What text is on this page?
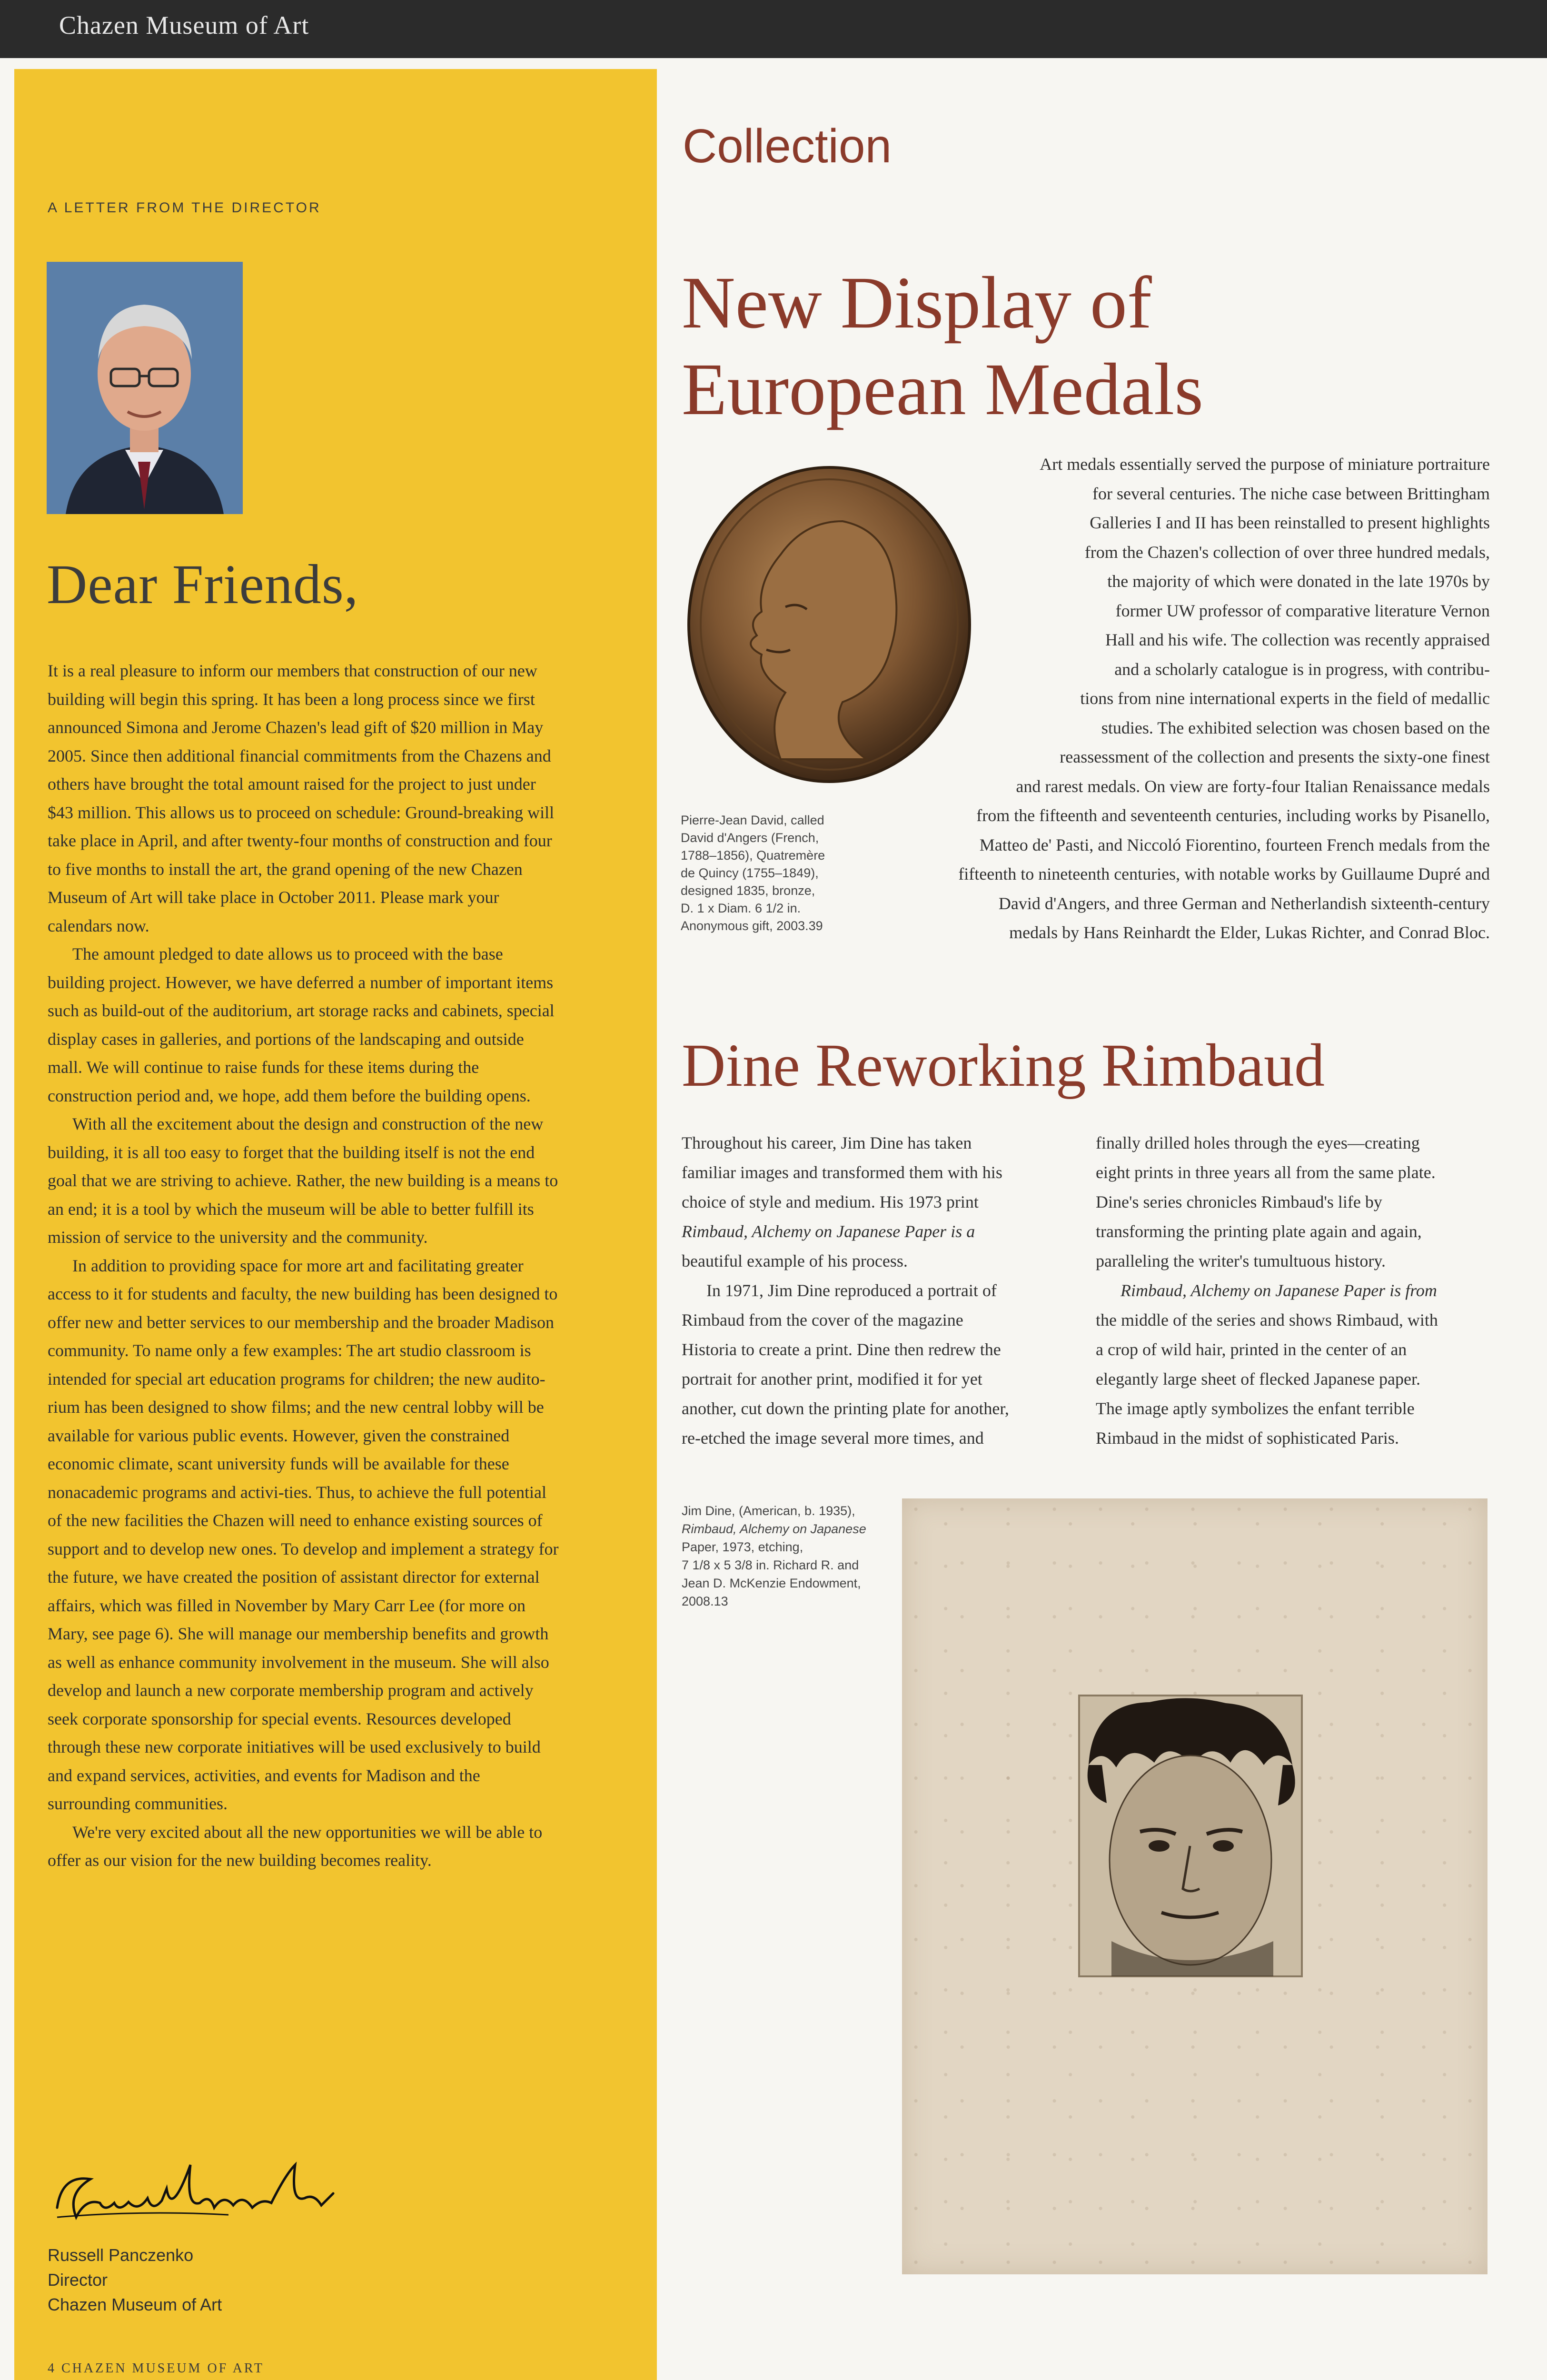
Chazen Museum of Art
A LETTER FROM THE DIRECTOR
Dear Friends,

It is a real pleasure to inform our members that construction of our new building will begin this spring. It has been a long process since we first announced Simona and Jerome Chazen's lead gift of $20 million in May 2005. Since then additional financial commitments from the Chazens and others have brought the total amount raised for the project to just under $43 million. This allows us to proceed on schedule: Ground-breaking will take place in April, and after twenty-four months of construction and four to five months to install the art, the grand opening of the new Chazen Museum of Art will take place in October 2011. Please mark your calendars now.

The amount pledged to date allows us to proceed with the base building project. However, we have deferred a number of important items such as build-out of the auditorium, art storage racks and cabinets, special display cases in galleries, and portions of the landscaping and outside mall. We will continue to raise funds for these items during the construction period and, we hope, add them before the building opens.

With all the excitement about the design and construction of the new building, it is all too easy to forget that the building itself is not the end goal that we are striving to achieve. Rather, the new building is a means to an end; it is a tool by which the museum will be able to better fulfill its mission of service to the university and the community.

In addition to providing space for more art and facilitating greater access to it for students and faculty, the new building has been designed to offer new and better services to our membership and the broader Madison community. To name only a few examples: The art studio classroom is intended for special art education programs for children; the new audito-rium has been designed to show films; and the new central lobby will be available for various public events. However, given the constrained economic climate, scant university funds will be available for these nonacademic programs and activi-ties. Thus, to achieve the full potential of the new facilities the Chazen will need to enhance existing sources of support and to develop new ones. To develop and implement a strategy for the future, we have created the position of assistant director for external affairs, which was filled in November by Mary Carr Lee (for more on Mary, see page 6). She will manage our membership benefits and growth as well as enhance community involvement in the museum. She will also develop and launch a new corporate membership program and actively seek corporate sponsorship for special events. Resources developed through these new corporate initiatives will be used exclusively to build and expand services, activities, and events for Madison and the surrounding communities.

We're very excited about all the new opportunities we will be able to offer as our vision for the new building becomes reality.

Russell Panczenko
Director
Chazen Museum of Art
4 CHAZEN MUSEUM OF ART
Collection
New Display of
European Medals
Pierre-Jean David, called
David d'Angers (French,
1788–1856), Quatremère
de Quincy (1755–1849),
designed 1835, bronze,
D. 1 x Diam. 6 1/2 in.
Anonymous gift, 2003.39
Art medals essentially served the purpose of miniature portraiture
for several centuries. The niche case between Brittingham
Galleries I and II has been reinstalled to present highlights
from the Chazen's collection of over three hundred medals,
the majority of which were donated in the late 1970s by
former UW professor of comparative literature Vernon
Hall and his wife. The collection was recently appraised
and a scholarly catalogue is in progress, with contribu-
tions from nine international experts in the field of medallic
studies. The exhibited selection was chosen based on the
reassessment of the collection and presents the sixty-one finest
and rarest medals. On view are forty-four Italian Renaissance medals
from the fifteenth and seventeenth centuries, including works by Pisanello,
Matteo de' Pasti, and Niccoló Fiorentino, fourteen French medals from the
fifteenth to nineteenth centuries, with notable works by Guillaume Dupré and
David d'Angers, and three German and Netherlandish sixteenth-century
medals by Hans Reinhardt the Elder, Lukas Richter, and Conrad Bloc.
Dine Reworking Rimbaud
Throughout his career, Jim Dine has taken
familiar images and transformed them with his
choice of style and medium. His 1973 print
Rimbaud, Alchemy on Japanese Paper is a
beautiful example of his process.
In 1971, Jim Dine reproduced a portrait of
Rimbaud from the cover of the magazine
Historia to create a print. Dine then redrew the
portrait for another print, modified it for yet
another, cut down the printing plate for another,
re-etched the image several more times, and
finally drilled holes through the eyes—creating
eight prints in three years all from the same plate.
Dine's series chronicles Rimbaud's life by
transforming the printing plate again and again,
paralleling the writer's tumultuous history.
Rimbaud, Alchemy on Japanese Paper is from
the middle of the series and shows Rimbaud, with
a crop of wild hair, printed in the center of an
elegantly large sheet of flecked Japanese paper.
The image aptly symbolizes the enfant terrible
Rimbaud in the midst of sophisticated Paris.
Jim Dine, (American, b. 1935),
Rimbaud, Alchemy on Japanese
Paper, 1973, etching,
7 1/8 x 5 3/8 in. Richard R. and
Jean D. McKenzie Endowment,
2008.13
